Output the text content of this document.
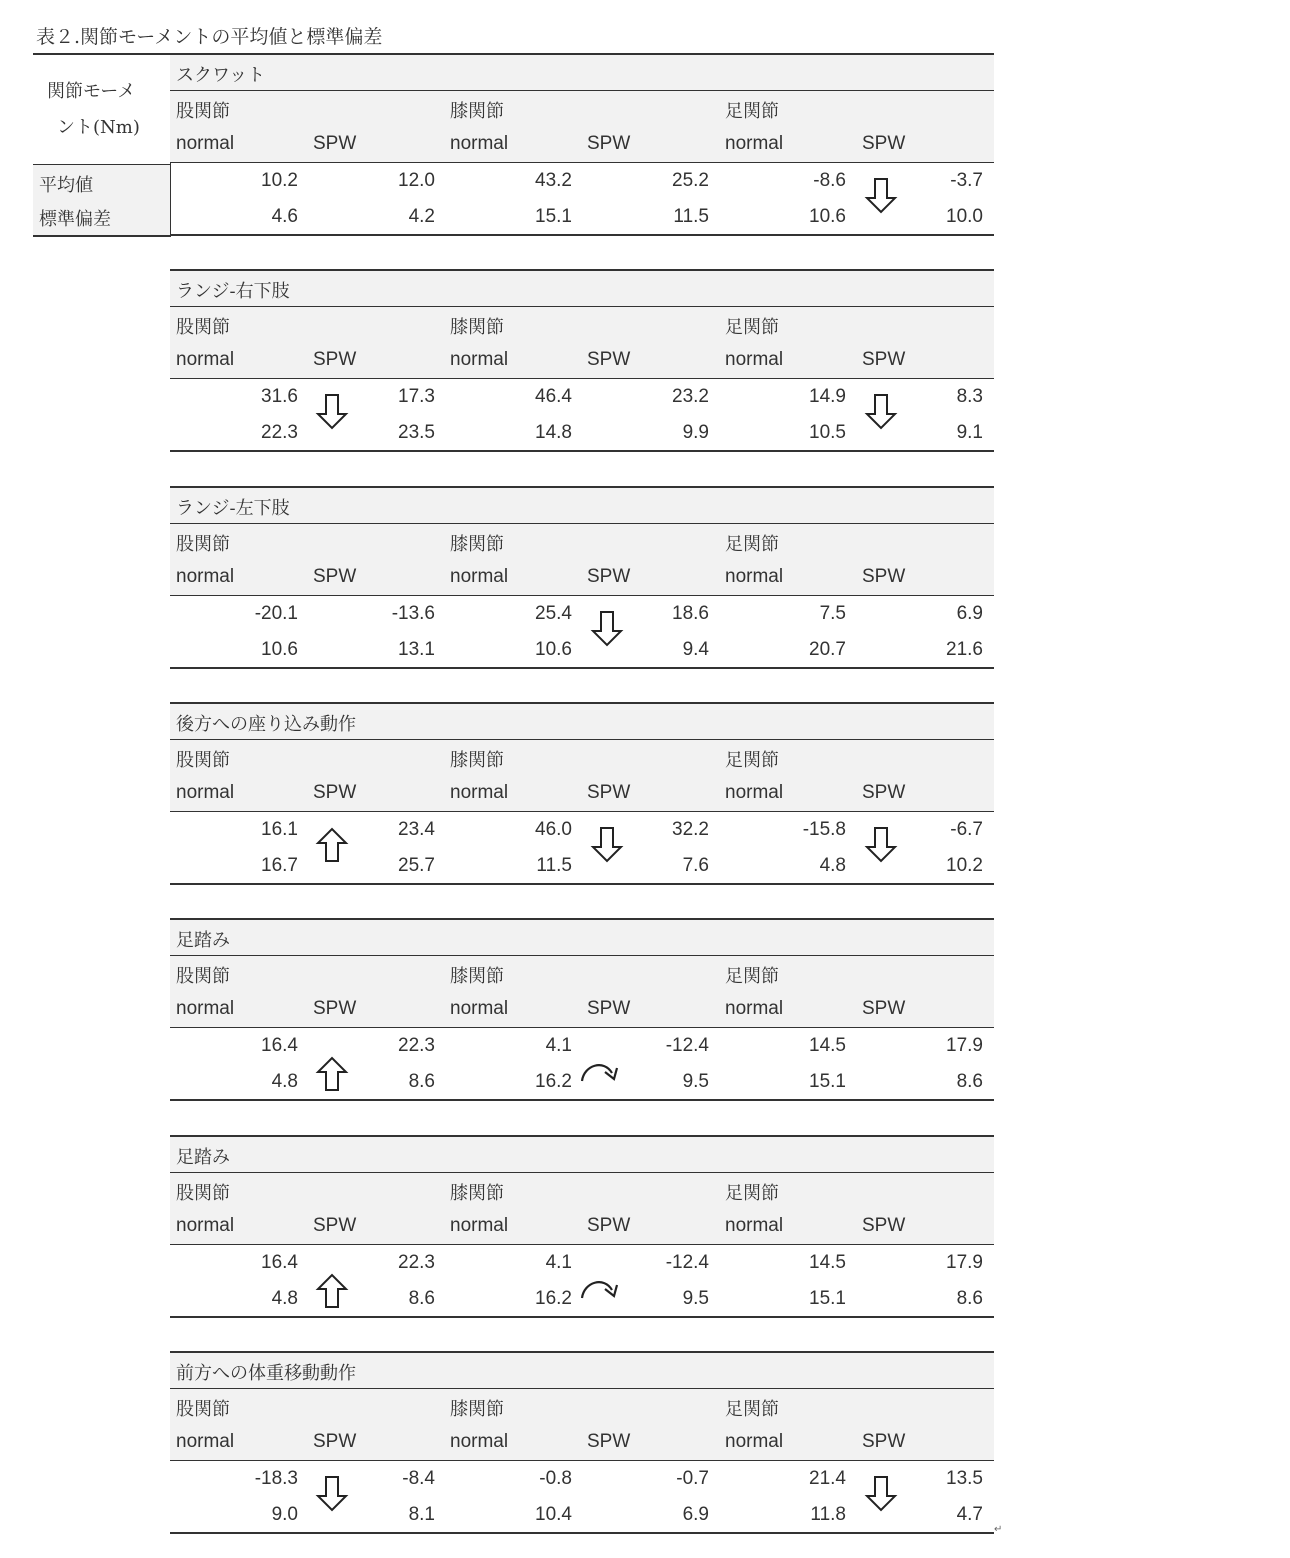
表２.関節モーメントの平均値と標準偏差
関節モーメ
ント(Nm)
平均値
標準偏差
スクワット
股関節
normal	SPW
膝関節
normal	SPW
足関節
normal	SPW
10.2	12.0	43.2	25.2	-8.6	-3.7
4.6	4.2	15.1	11.5	10.6	10.0
ランジ-右下肢
股関節
normal	SPW
膝関節
normal	SPW
足関節
normal	SPW
31.6	17.3	46.4	23.2	14.9	8.3
22.3	23.5	14.8	9.9	10.5	9.1
ランジ-左下肢
股関節
normal	SPW
膝関節
normal	SPW
足関節
normal	SPW
-20.1	-13.6	25.4	18.6	7.5	6.9
10.6	13.1	10.6	9.4	20.7	21.6
後方への座り込み動作
股関節
normal	SPW
膝関節
normal	SPW
足関節
normal	SPW
16.1	23.4	46.0	32.2	-15.8	-6.7
16.7	25.7	11.5	7.6	4.8	10.2
足踏み
股関節
normal	SPW
膝関節
normal	SPW
足関節
normal	SPW
16.4	22.3	4.1	-12.4	14.5	17.9
4.8	8.6	16.2	9.5	15.1	8.6
足踏み
股関節
normal	SPW
膝関節
normal	SPW
足関節
normal	SPW
16.4	22.3	4.1	-12.4	14.5	17.9
4.8	8.6	16.2	9.5	15.1	8.6
前方への体重移動動作
股関節
normal	SPW
膝関節
normal	SPW
足関節
normal	SPW
-18.3	-8.4	-0.8	-0.7	21.4	13.5
9.0	8.1	10.4	6.9	11.8	4.7
↵
